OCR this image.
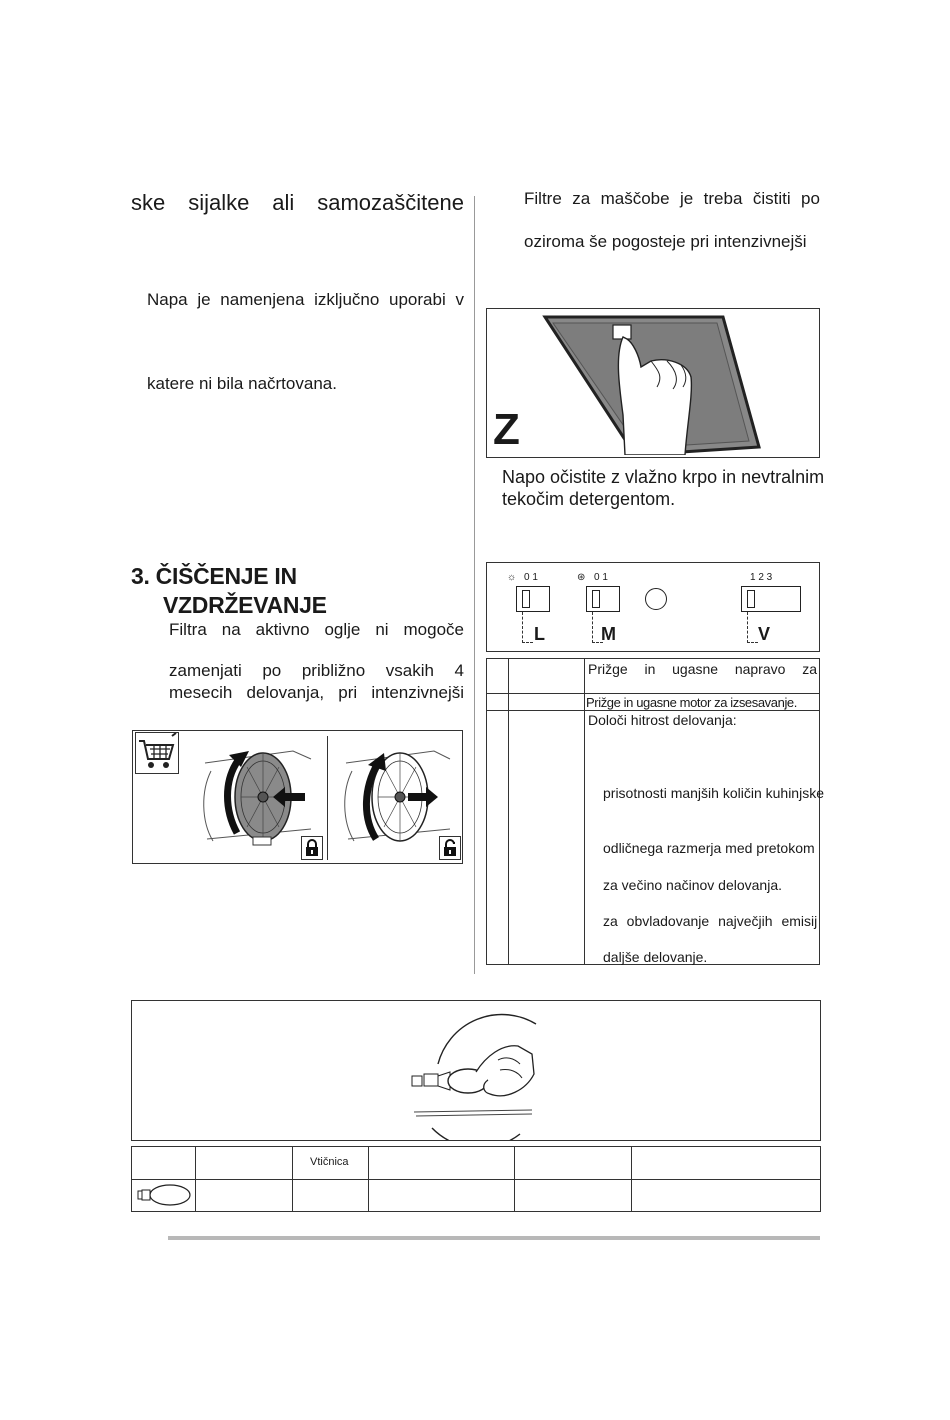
ske sijalke ali samozaščitene
Napa je namenjena izključno uporabi v
katere ni bila načrtovana.
3. ČIŠČENJE IN
VZDRŽEVANJE
Filtra na aktivno oglje ni mogoče
zamenjati po približno vsakih 4
mesecih delovanja, pri intenzivnejši
Filtre za maščobe je treba čistiti po
oziroma še pogosteje pri intenzivnejši
Z
Napo očistite z vlažno krpo in nevtralnim
tekočim detergentom.
☼ 0 1	⊛ 0 1	1 2 3
L	M	V
Prižge in ugasne napravo za
Prižge in ugasne motor za izsesavanje.
Določi hitrost delovanja:
prisotnosti manjših količin kuhinjske
odličnega razmerja med pretokom
za večino načinov delovanja.
za obvladovanje največjih emisij
daljše delovanje.
Vtičnica
